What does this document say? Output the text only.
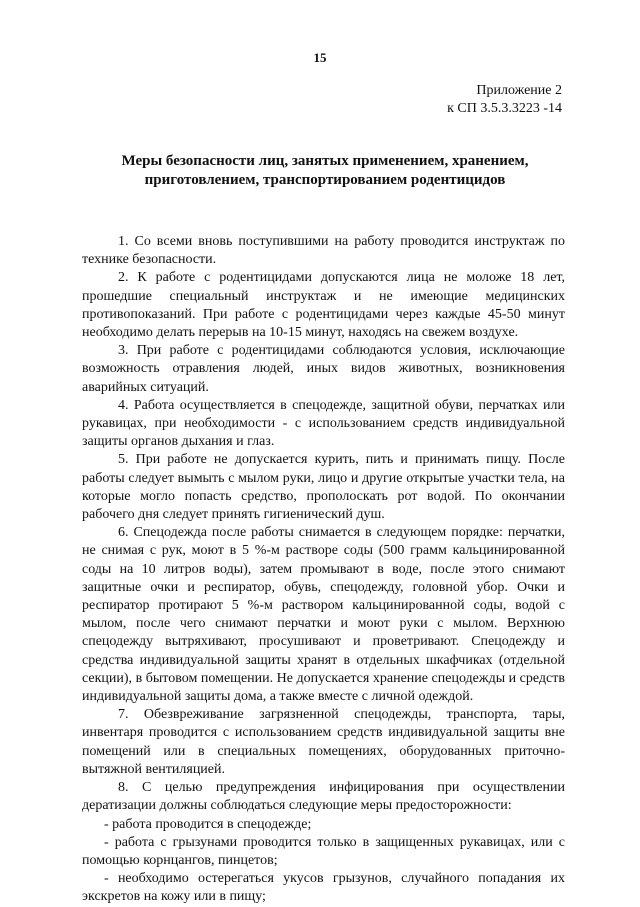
15
Приложение 2
к СП 3.5.3.3223 -14
Меры безопасности лиц, занятых применением, хранением, приготовлением, транспортированием родентицидов

1. Со всеми вновь поступившими на работу проводится инструктаж по технике безопасности.

2. К работе с родентицидами допускаются лица не моложе 18 лет, прошедшие специальный инструктаж и не имеющие медицинских противопоказаний. При работе с родентицидами через каждые 45-50 минут необходимо делать перерыв на 10-15 минут, находясь на свежем воздухе.

3. При работе с родентицидами соблюдаются условия, исключающие возможность отравления людей, иных видов животных, возникновения аварийных ситуаций.

4. Работа осуществляется в спецодежде, защитной обуви, перчатках или рукавицах, при необходимости - с использованием средств индивидуальной защиты органов дыхания и глаз.

5. При работе не допускается курить, пить и принимать пищу. После работы следует вымыть с мылом руки, лицо и другие открытые участки тела, на которые могло попасть средство, прополоскать рот водой. По окончании рабочего дня следует принять гигиенический душ.

6. Спецодежда после работы снимается в следующем порядке: перчатки, не снимая с рук, моют в 5 %-м растворе соды (500 грамм кальцинированной соды на 10 литров воды), затем промывают в воде, после этого снимают защитные очки и респиратор, обувь, спецодежду, головной убор. Очки и респиратор протирают 5 %-м раствором кальцинированной соды, водой с мылом, после чего снимают перчатки и моют руки с мылом. Верхнюю спецодежду вытряхивают, просушивают и проветривают. Спецодежду и средства индивидуальной защиты хранят в отдельных шкафчиках (отдельной секции), в бытовом помещении. Не допускается хранение спецодежды и средств индивидуальной защиты дома, а также вместе с личной одеждой.

7. Обезвреживание загрязненной спецодежды, транспорта, тары, инвентаря проводится с использованием средств индивидуальной защиты вне помещений или в специальных помещениях, оборудованных приточно-вытяжной вентиляцией.

8. С целью предупреждения инфицирования при осуществлении дератизации должны соблюдаться следующие меры предосторожности:

- работа проводится в спецодежде;

- работа с грызунами проводится только в защищенных рукавицах, или с помощью корнцангов, пинцетов;

- необходимо остерегаться укусов грызунов, случайного попадания их экскретов на кожу или в пищу;
